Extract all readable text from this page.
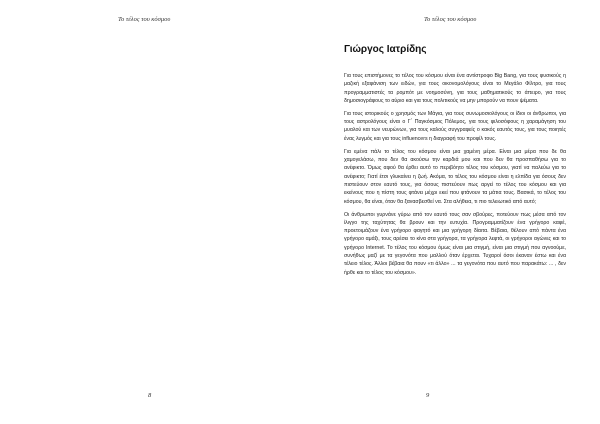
Το τέλος του κόσμου
8
Το τέλος του κόσμου
Γιώργος Ιατρίδης

Για τους επιστήμονες το τέλος του κόσμου είναι ένα αντίστροφο Big Bang, για τους φυσικούς η μαζική εξαφάνιση των ειδών, για τους οικονομολόγους είναι το Μεγάλο Φίλτρο, για τους προγραμματιστές τα ρομπότ με νοημοσύνη, για τους μαθηματικούς το άπειρο, για τους δημοσιογράφους το αύριο και για τους πολιτικούς να μην μπορούν να πουν ψέματα.

Για τους ιστορικούς ο χρησμός των Μάγια, για τους συνωμοσιολόγους οι ίδιοι οι άνθρωποι, για τους αστρολόγους είναι ο Γ΄ Παγκόσμιος Πόλεμος, για τους φιλοσόφους η χαραμάγηση του μυαλού και των νευρώνων, για τους καλούς συγγραφείς ο κακός εαυτός τους, για τους ποιητές ένας λυγμός και για τους influencers η διαγραφή του προφίλ τους.

Για εμένα πάλι το τέλος του κόσμου είναι μια χαμένη μέρα. Είναι μια μέρα που δε θα χαμογελάσω, που δεν θα ακούσω την καρδιά μου και που δεν θα προσπαθήσω για το ανέφικτο. Όμως αφού θα έρθει αυτό το περιβόητο τέλος του κόσμου, γιατί να παλεύω για το ανέφικτο; Γιατί έτσι γλυκαίνει η ζωή. Ακόμα, το τέλος του κόσμου είναι η ελπίδα για όσους δεν πιστεύουν στον εαυτό τους, για όσους πιστεύουν πως αργεί το τέλος του κόσμου και για εκείνους που η πίστη τους φτάνει μέχρι εκεί που φτάνουν τα μάτια τους. Βασικά, το τέλος του κόσμου, θα είναι, όταν θα ξανασβεσθεί να. Στα αλήθεια, τι πιο τελειωτικό από αυτό;

Οι άνθρωποι γυρνάνε γύρω από τον εαυτό τους σαν σβούρες, ποτεύουν πως μέσα από τον ίλιγγο της ταχύτητας θα βρουν και την ευτυχία. Προγραμματίζουν ένα γρήγορο καφέ, προετοιμάζουν ένα γρήγορο φαγητό και μια γρήγορη δίαιτα. Βέβαια, θέλουν από πάντα ένα γρήγορο αμάξι, τους αρέσει το κίνα στα γρήγορα, τα γρήγορα λεφτά, οι γρήγοροι αγώνες και το γρήγορο Internet. Το τέλος του κόσμου όμως είναι μια στιγμή, είναι μια στιγμή που αγνοούμε, συνήθως μαζί με τα γεγονότα που μαλλού όταν έρχεται. Τυχαροί όσοι έκαναν έστω και ένα τέλειο τέλος. Άλλοι βέβαια θα πουν «τι άλλο» ... τα γεγονότα που αυτό που παρακάτω: ... , δεν ήρθε και το τέλος του κόσμου».

9
